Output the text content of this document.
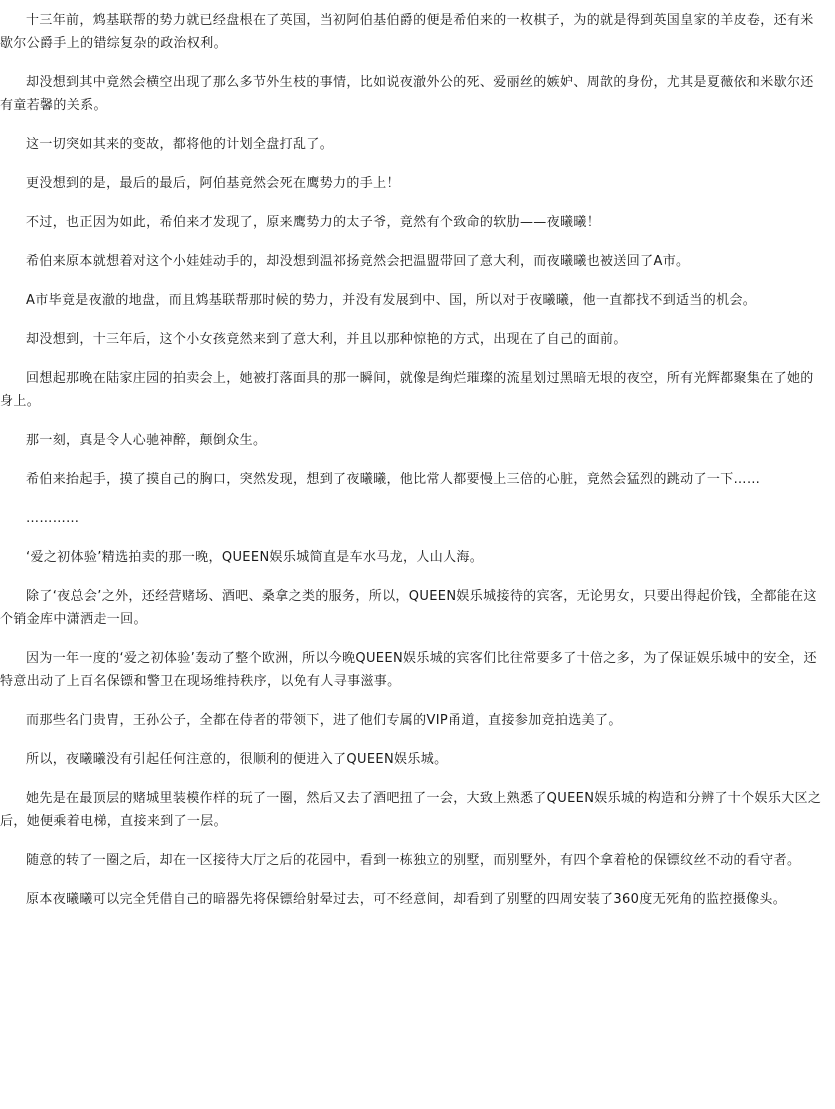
十三年前，鸩基联帮的势力就已经盘根在了英国，当初阿伯基伯爵的便是希伯来的一枚棋子，为的就是得到英国皇家的羊皮卷，还有米歇尔公爵手上的错综复杂的政治权利。

却没想到其中竟然会横空出现了那么多节外生枝的事情，比如说夜澈外公的死、爱丽丝的嫉妒、周歆的身份，尤其是夏薇依和米歇尔还有童若馨的关系。

这一切突如其来的变故，都将他的计划全盘打乱了。

更没想到的是，最后的最后，阿伯基竟然会死在鹰势力的手上！

不过，也正因为如此，希伯来才发现了，原来鹰势力的太子爷，竟然有个致命的软肋——夜曦曦！

希伯来原本就想着对这个小娃娃动手的，却没想到温祁扬竟然会把温盟带回了意大利，而夜曦曦也被送回了A市。

A市毕竟是夜澈的地盘，而且鸩基联帮那时候的势力，并没有发展到中、国，所以对于夜曦曦，他一直都找不到适当的机会。

却没想到，十三年后，这个小女孩竟然来到了意大利，并且以那种惊艳的方式，出现在了自己的面前。

回想起那晚在陆家庄园的拍卖会上，她被打落面具的那一瞬间，就像是绚烂璀璨的流星划过黑暗无垠的夜空，所有光辉都聚集在了她的身上。

那一刻，真是令人心驰神醉，颠倒众生。

希伯来抬起手，摸了摸自己的胸口，突然发现，想到了夜曦曦，他比常人都要慢上三倍的心脏，竟然会猛烈的跳动了一下……

…………

‘爱之初体验’精选拍卖的那一晚，QUEEN娱乐城简直是车水马龙，人山人海。

除了‘夜总会’之外，还经营赌场、酒吧、桑拿之类的服务，所以，QUEEN娱乐城接待的宾客，无论男女，只要出得起价钱，全都能在这个销金库中潇洒走一回。

因为一年一度的‘爱之初体验’轰动了整个欧洲，所以今晚QUEEN娱乐城的宾客们比往常要多了十倍之多，为了保证娱乐城中的安全，还特意出动了上百名保镖和警卫在现场维持秩序，以免有人寻事滋事。

而那些名门贵胄，王孙公子，全都在侍者的带领下，进了他们专属的VIP甬道，直接参加竞拍选美了。

所以，夜曦曦没有引起任何注意的，很顺利的便进入了QUEEN娱乐城。

她先是在最顶层的赌城里装模作样的玩了一圈，然后又去了酒吧扭了一会，大致上熟悉了QUEEN娱乐城的构造和分辨了十个娱乐大区之后，她便乘着电梯，直接来到了一层。

随意的转了一圈之后，却在一区接待大厅之后的花园中，看到一栋独立的别墅，而别墅外，有四个拿着枪的保镖纹丝不动的看守者。

原本夜曦曦可以完全凭借自己的暗器先将保镖给射晕过去，可不经意间，却看到了别墅的四周安装了360度无死角的监控摄像头。
